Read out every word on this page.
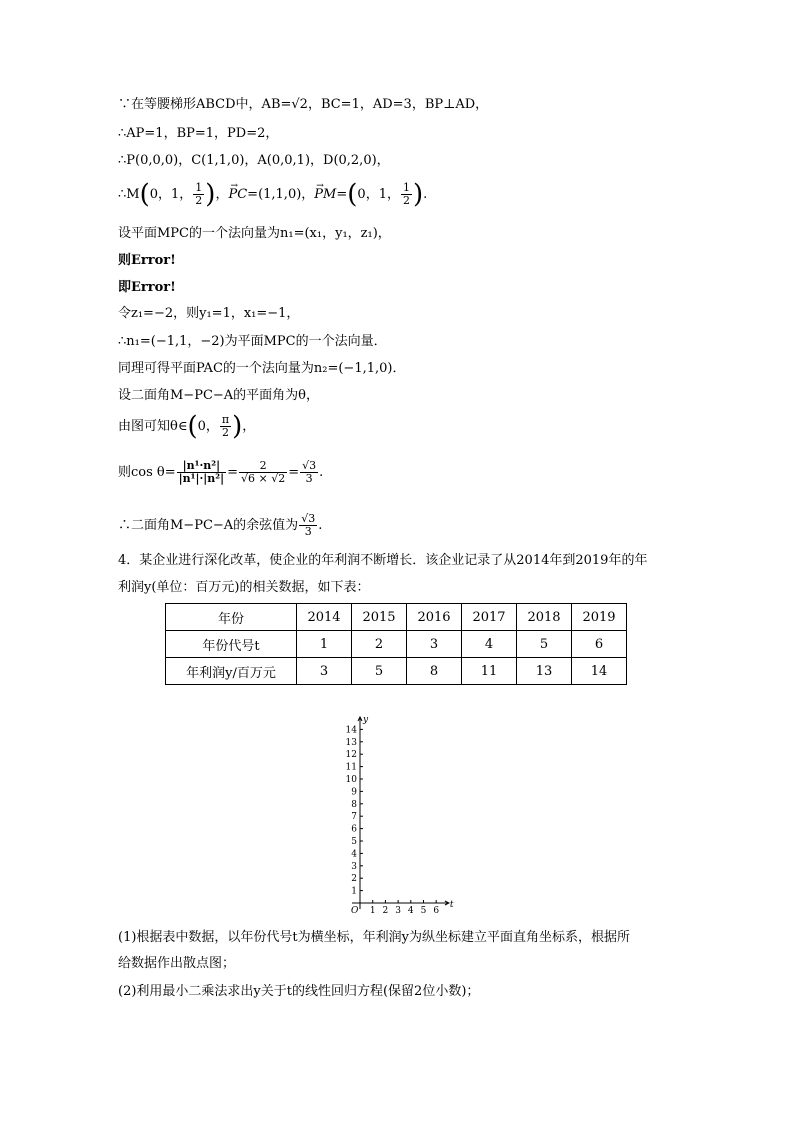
∵在等腰梯形ABCD中，AB=√2，BC=1，AD=3，BP⊥AD，
∴AP=1，BP=1，PD=2，
∴P(0,0,0)，C(1,1,0)，A(0,0,1)，D(0,2,0)，
∴M(0，1， $\frac{1}{2}$ )，→ PC=(1,1,0)，→ PM=(0，1， $\frac{1}{2}$ ).
设平面MPC的一个法向量为n₁=(x₁，y₁，z₁)，
则Error!
即Error!
令z₁=−2，则y₁=1，x₁=−1，
∴n₁=(−1,1，−2)为平面MPC的一个法向量．
同理可得平面PAC的一个法向量为n₂=(−1,1,0)．
设二面角M−PC−A的平面角为θ，
由图可知θ∈(0， $\frac{\pi}{2}$ )，
则$\cos \theta= \frac{\text{|n¹·n²|}}{\text{|n¹|·|n²|}} = \frac{2}{√6 \times √2} = \frac{√3}{3}$ .
∴二面角M−PC−A的余弦值为 $\frac{√3}{3}$ .
4．某企业进行深化改革，使企业的年利润不断增长．该企业记录了从2014年到2019年的年
利润y(单位：百万元)的相关数据，如下表：
年份	2014	2015	2016	2017	2018	2019
年份代号t	1	2	3	4	5	6
年利润y/百万元	3	5	8	11	13	14
t
y
O
1
2
3
4
5
6
7
8
9
10
11
12
13
14
1 2 3 4 5 6
(1)根据表中数据，以年份代号t为横坐标，年利润y为纵坐标建立平面直角坐标系，根据所
给数据作出散点图；
(2)利用最小二乘法求出y关于t的线性回归方程(保留2位小数)；
